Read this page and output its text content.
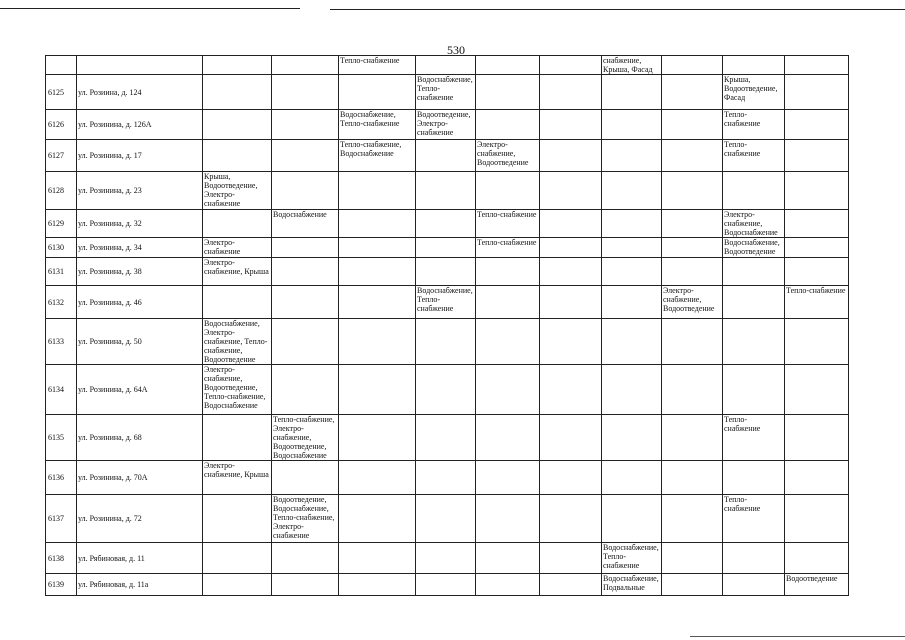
530
				Тепло-снабжение				снабжение, Крыша, Фасад			
6125	ул. Розиина, д. 124				Водоснабжение, Тепло-снабжение					Крыша, Водоотведение, Фасад	
6126	ул. Розинина, д. 126А			Водоснабжение, Тепло-снабжение	Водоотведение, Электро-снабжение					Тепло-снабжение	
6127	ул. Розинина, д. 17			Тепло-снабжение, Водоснабжение		Электро-снабжение, Водоотведение				Тепло-снабжение	
6128	ул. Розинина, д. 23	Крыша, Водоотведение, Электро-снабжение									
6129	ул. Розинина, д. 32		Водоснабжение			Тепло-снабжение				Электро-снабжение, Водоснабжение	
6130	ул. Розинина, д. 34	Электро-снабжение				Тепло-снабжение				Водоснабжение, Водоотведение	
6131	ул. Розинина, д. 38	Электро-снабжение, Крыша									
6132	ул. Розинина, д. 46				Водоснабжение, Тепло-снабжение				Электро-снабжение, Водоотведение		Тепло-снабжение
6133	ул. Розинина, д. 50	Водоснабжение, Электро-снабжение, Тепло-снабжение, Водоотведение									
6134	ул. Розинина, д. 64А	Электро-снабжение, Водоотведение, Тепло-снабжение, Водоснабжение									
6135	ул. Розинина, д. 68		Тепло-снабжение, Электро-снабжение, Водоотведение, Водоснабжение							Тепло-снабжение	
6136	ул. Розинина, д. 70А	Электро-снабжение, Крыша									
6137	ул. Розинина, д. 72		Водоотведение, Водоснабжение, Тепло-снабжение, Электро-снабжение							Тепло-снабжение	
6138	ул. Рябиновая, д. 11							Водоснабжение, Тепло-снабжение			
6139	ул. Рябиновая, д. 11а							Водоснабжение, Подвальные			Водоотведение
